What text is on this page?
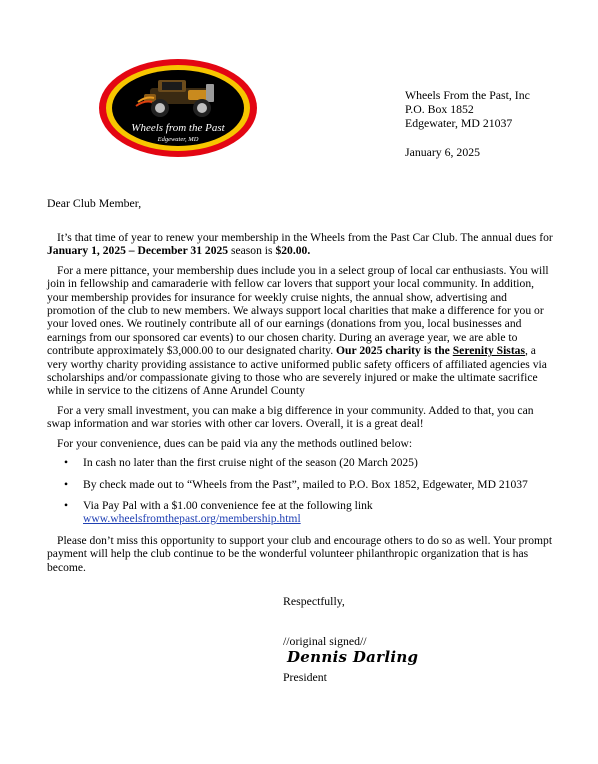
Wheels from the Past
Edgewater, MD
Wheels From the Past, Inc
P.O. Box 1852
Edgewater, MD 21037
January 6, 2025
Dear Club Member,

It’s that time of year to renew your membership in the Wheels from the Past Car Club. The annual dues for January 1, 2025 – December 31 2025 season is $20.00.

For a mere pittance, your membership dues include you in a select group of local car enthusiasts. You will join in fellowship and camaraderie with fellow car lovers that support your local community. In addition, your membership provides for insurance for weekly cruise nights, the annual show, advertising and promotion of the club to new members. We always support local charities that make a difference for you or your loved ones. We routinely contribute all of our earnings (donations from you, local businesses and earnings from our sponsored car events) to our chosen charity. During an average year, we are able to contribute approximately $3,000.00 to our designated charity. Our 2025 charity is the Serenity Sistas, a very worthy charity providing assistance to active uniformed public safety officers of affiliated agencies via scholarships and/or compassionate giving to those who are severely injured or make the ultimate sacrifice while in service to the citizens of Anne Arundel County

For a very small investment, you can make a big difference in your community. Added to that, you can swap information and war stories with other car lovers. Overall, it is a great deal!

For your convenience, dues can be paid via any the methods outlined below:

• In cash no later than the first cruise night of the season (20 March 2025)
• By check made out to “Wheels from the Past”, mailed to P.O. Box 1852, Edgewater, MD 21037
• Via Pay Pal with a $1.00 convenience fee at the following link
www.wheelsfromthepast.org/membership.html

Please don’t miss this opportunity to support your club and encourage others to do so as well. Your prompt payment will help the club continue to be the wonderful volunteer philanthropic organization that is has become.

Respectfully,
//original signed//
Dennis Darling
President
